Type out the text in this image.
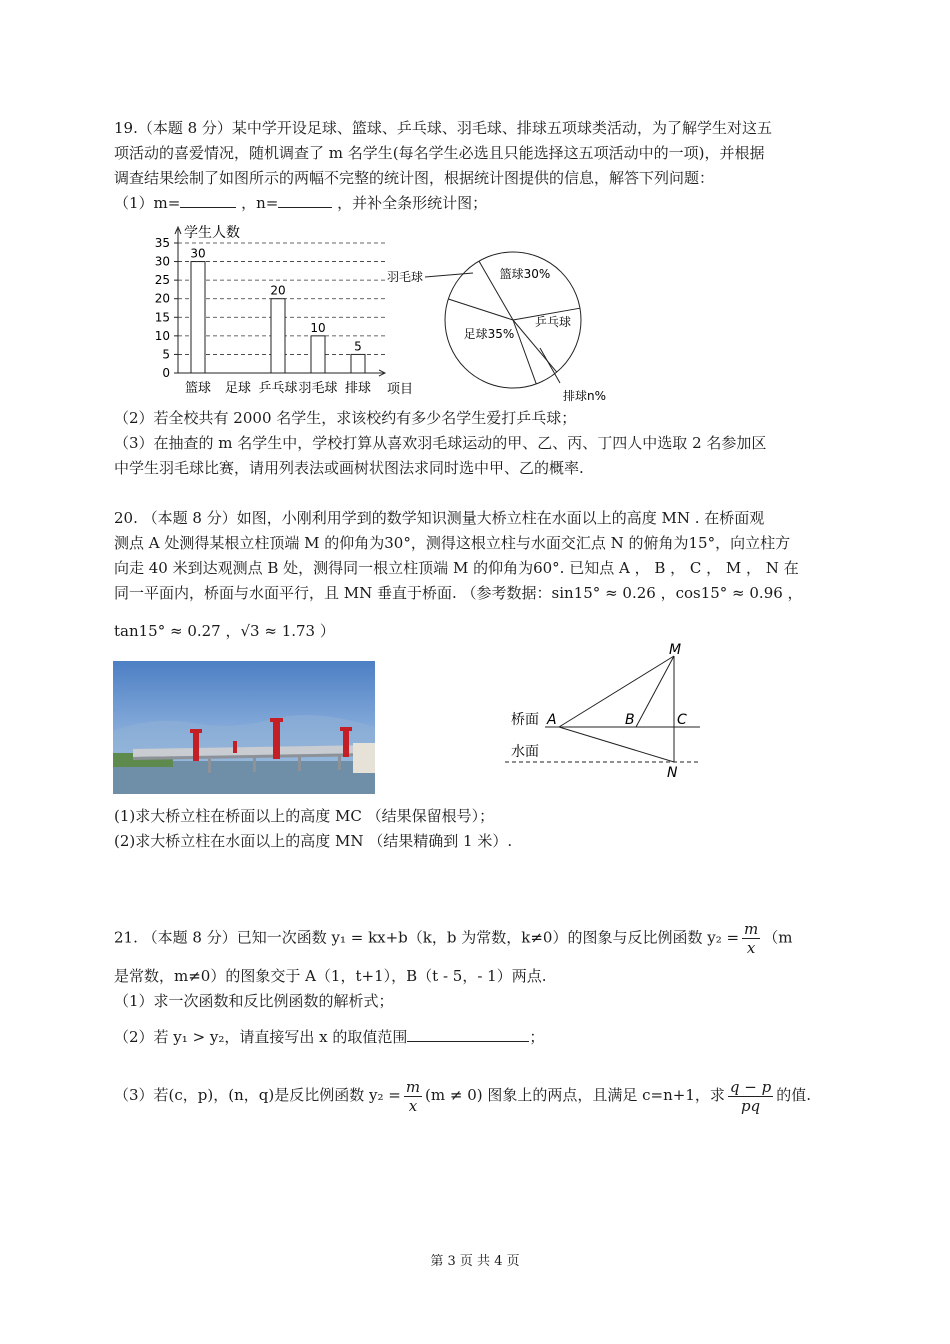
19.（本题 8 分）某中学开设足球、篮球、乒乓球、羽毛球、排球五项球类活动，为了解学生对这五
项活动的喜爱情况，随机调查了 m 名学生(每名学生必选且只能选择这五项活动中的一项)，并根据
调查结果绘制了如图所示的两幅不完整的统计图，根据统计图提供的信息，解答下列问题：
（1）m=	，n=	，并补全条形统计图；
0
5
10
15
20
25
30
35
学生人数
项目
30
篮球 足球
20
乒乓球
10
羽毛球
5
排球
篮球30%
乒乓球
足球35%
羽毛球
排球n%
（2）若全校共有 2000 名学生，求该校约有多少名学生爱打乒乓球；
（3）在抽查的 m 名学生中，学校打算从喜欢羽毛球运动的甲、乙、丙、丁四人中选取 2 名参加区
中学生羽毛球比赛，请用列表法或画树状图法求同时选中甲、乙的概率.
20. （本题 8 分）如图，小刚利用学到的数学知识测量大桥立柱在水面以上的高度 MN . 在桥面观
测点 A 处测得某根立柱顶端 M 的仰角为30°，测得这根立柱与水面交汇点 N 的俯角为15°，向立柱方
向走 40 米到达观测点 B 处，测得同一根立柱顶端 M 的仰角为60°. 已知点 A ， B ， C ， M ， N 在
同一平面内，桥面与水面平行，且 MN 垂直于桥面. （参考数据：sin15° ≈ 0.26 ，cos15° ≈ 0.96 ，
tan15° ≈ 0.27 ，√3 ≈ 1.73 ）
M
A	B	C
N
桥面
水面
(1)求大桥立柱在桥面以上的高度 MC （结果保留根号）；
(2)求大桥立柱在水面以上的高度 MN （结果精确到 1 米）.
21. （本题 8 分）已知一次函数 y₁ = kx+b（k，b 为常数，k≠0）的图象与反比例函数 $y_2 = \frac{m}{x} (m$
是常数，m≠0）的图象交于 A（1，t+1），B（t - 5，- 1）两点.
（1）求一次函数和反比例函数的解析式；
（2）若 y₁ > y₂，请直接写出 x 的取值范围	；
（3）若(c，p)，(n，q)是反比例函数 $y_2 = \frac{m}{x} (m \ne 0)$ 图象上的两点，且满足 c=n+1，求 $\frac{q - p}{pq}$ 的值.
第 3 页 共 4 页
